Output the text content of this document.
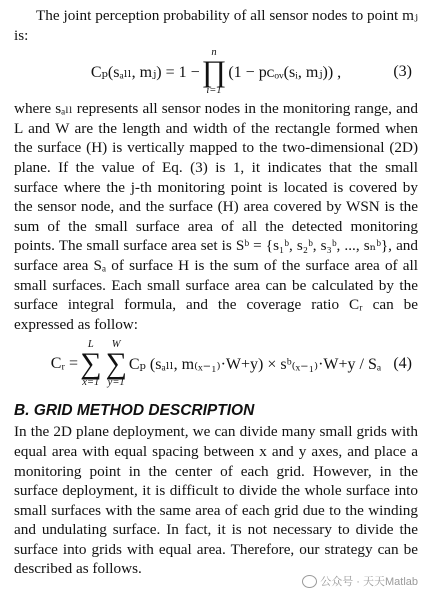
The joint perception probability of all sensor nodes to point mⱼ is:

Cₚ(sₐₗₗ, mⱼ) = 1 −
n
∏
i=1
(1 − pᴄₒᵥ(sᵢ, mⱼ)) ,	(3)

where sₐₗₗ represents all sensor nodes in the monitoring range, and L and W are the length and width of the rectangle formed when the surface (H) is vertically mapped to the two-dimensional (2D) plane. If the value of Eq. (3) is 1, it indicates that the small surface where the j-th monitoring point is located is covered by the sensor node, and the surface (H) area covered by WSN is the sum of the small surface area of all the detected monitoring points. The small surface area set is Sᵇ = {s₁ᵇ, s₂ᵇ, s₃ᵇ, ..., sₙᵇ}, and surface area Sₐ of surface H is the sum of the surface area of all small surfaces. Each small surface area can be calculated by the surface integral formula, and the coverage ratio Cᵣ can be expressed as follow:

Cᵣ =
L
∑
x=1
W
∑
y=1
Cₚ (sₐₗₗ, m₍ₓ₋₁₎·W+y) × sᵇ₍ₓ₋₁₎·W+y / Sₐ (4)
B. GRID METHOD DESCRIPTION

In the 2D plane deployment, we can divide many small grids with equal area with equal spacing between x and y axes, and place a monitoring point in the center of each grid. However, in the surface deployment, it is difficult to divide the whole surface into small surfaces with the same area of each grid due to the winding and undulating surface. In fact, it is not necessary to divide the surface into grids with equal area. Therefore, our strategy can be described as follows.

公众号 · 天天Matlab
